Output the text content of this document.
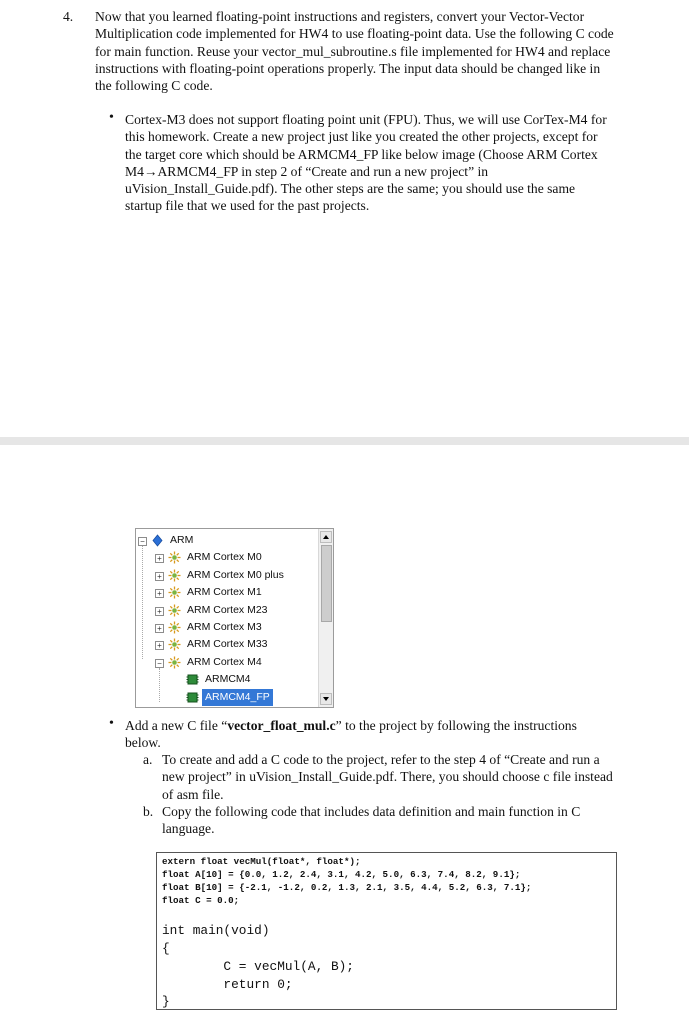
4. Now that you learned floating-point instructions and registers, convert your Vector-Vector Multiplication code implemented for HW4 to use floating-point data. Use the following C code for main function. Reuse your vector_mul_subroutine.s file implemented for HW4 and replace instructions with floating-point operations properly. The input data should be changed like in the following C code.
• Cortex-M3 does not support floating point unit (FPU). Thus, we will use CorTex-M4 for this homework. Create a new project just like you created the other projects, except for the target core which should be ARMCM4_FP like below image (Choose ARM Cortex M4→ARMCM4_FP in step 2 of “Create and run a new project” in uVision_Install_Guide.pdf). The other steps are the same; you should use the same startup file that we used for the past projects.
− ARM
+ ARM Cortex M0
+ ARM Cortex M0 plus
+ ARM Cortex M1
+ ARM Cortex M23
+ ARM Cortex M3
+ ARM Cortex M33
− ARM Cortex M4
ARMCM4
ARMCM4_FP
• Add a new C file “vector_float_mul.c” to the project by following the instructions below.
a. To create and add a C code to the project, refer to the step 4 of “Create and run a new project” in uVision_Install_Guide.pdf. There, you should choose c file instead of asm file.
b. Copy the following code that includes data definition and main function in C language.
extern float vecMul(float*, float*);
float A[10] = {0.0, 1.2, 2.4, 3.1, 4.2, 5.0, 6.3, 7.4, 8.2, 9.1};
float B[10] = {-2.1, -1.2, 0.2, 1.3, 2.1, 3.5, 4.4, 5.2, 6.3, 7.1};
float C = 0.0;
int main(void)
{
C = vecMul(A, B);
return 0;
}
